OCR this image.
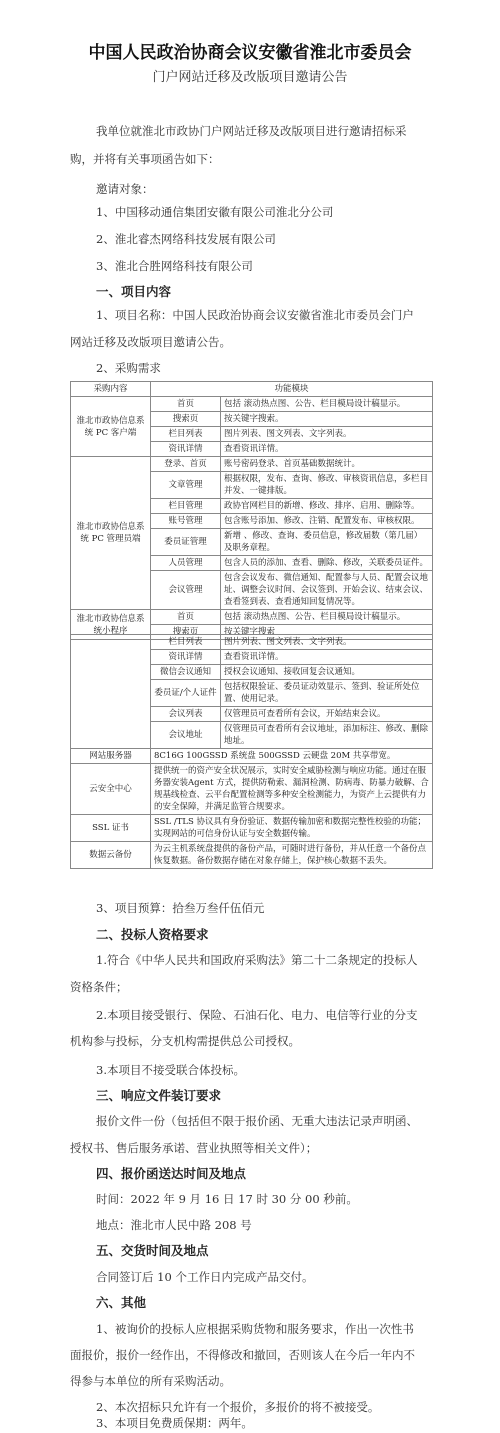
中国人民政治协商会议安徽省淮北市委员会
门户网站迁移及改版项目邀请公告
我单位就淮北市政协门户网站迁移及改版项目进行邀请招标采
购，并将有关事项函告如下：
邀请对象：
1、中国移动通信集团安徽有限公司淮北分公司
2、淮北睿杰网络科技发展有限公司
3、淮北合胜网络科技有限公司
一、项目内容
1、项目名称：中国人民政治协商会议安徽省淮北市委员会门户
网站迁移及改版项目邀请公告。
2、采购需求
采购内容	功能模块	
淮北市政协信息系统 PC 客户端	首页	包括 滚动热点图、公告、栏目模局设计稿显示。
	搜索页	按关键字搜索。
	栏目列表	图片列表、图文列表、文字列表。
	资讯详情	查看资讯详情。
淮北市政协信息系统 PC 管理员端	登录、首页	账号密码登录、首页基础数据统计。
	文章管理	根据权限，发布、查询、修改、审核资讯信息，多栏目并发、一键排版。
	栏目管理	政协官网栏目的新增、修改、排序、启用、删除等。
	账号管理	包含账号添加、修改、注销、配置发布、审核权限。
	委员证管理	新增 、修改、查询、委员信息，修改届数（第几届）及职务章程。
	人员管理	包含人员的添加、查看、删除、修改，关联委员证件。
	会议管理	包含会议发布、微信通知、配置参与人员、配置会议地址、调整会议时间、会议签到、开始会议、结束会议、查看签到表、查看通知回复情况等。
淮北市政协信息系统小程序	首页	包括 滚动热点图、公告、栏目模局设计稿显示。
	搜索页	按关键字搜索
	栏目列表	图片列表、图文列表、文字列表。
	资讯详情	查看资讯详情。
	微信会议通知	授权会议通知、接收回复会议通知。
	委员证/个人证件	包括权限验证、委员证动效显示、签到、验证所处位置、使用记录。
	会议列表	仅管理员可查看所有会议，开始结束会议。
	会议地址	仅管理员可查看所有会议地址，添加标注、修改、删除地址。
网站服务器	8C16G 100GSSD 系统盘 500GSSD 云硬盘 20M 共享带宽。	
云安全中心	提供统一的资产安全状况展示，实时安全威胁检测与响应功能。通过在服务器安装Agent 方式，提供防勒索、漏洞检测、防病毒、防暴力破解、合规基线检查、云平台配置检测等多种安全检测能力，为资产上云提供有力的安全保障，并满足监管合规要求。	
SSL 证书	SSL /TLS 协议具有身份验证、数据传输加密和数据完整性校验的功能；实现网站的可信身份认证与安全数据传输。	
数据云备份	为云主机系统盘提供的备份产品，可随时进行备份，并从任意一个备份点恢复数据。备份数据存储在对象存储上，保护核心数据不丢失。	
3、项目预算：拾叁万叁仟伍佰元
二、投标人资格要求
1.符合《中华人民共和国政府采购法》第二十二条规定的投标人
资格条件；
2.本项目接受银行、保险、石油石化、电力、电信等行业的分支
机构参与投标，分支机构需提供总公司授权。
3.本项目不接受联合体投标。
三、响应文件装订要求
报价文件一份（包括但不限于报价函、无重大违法记录声明函、
授权书、售后服务承诺、营业执照等相关文件）；
四、报价函送达时间及地点
时间：2022 年 9 月 16 日 17 时 30 分 00 秒前。
地点：淮北市人民中路 208 号
五、交货时间及地点
合同签订后 10 个工作日内完成产品交付。
六、其他
1、被询价的投标人应根据采购货物和服务要求，作出一次性书
面报价，报价一经作出，不得修改和撤回，否则该人在今后一年内不
得参与本单位的所有采购活动。
2、本次招标只允许有一个报价，多报价的将不被接受。
3、本项目免费质保期：两年。
